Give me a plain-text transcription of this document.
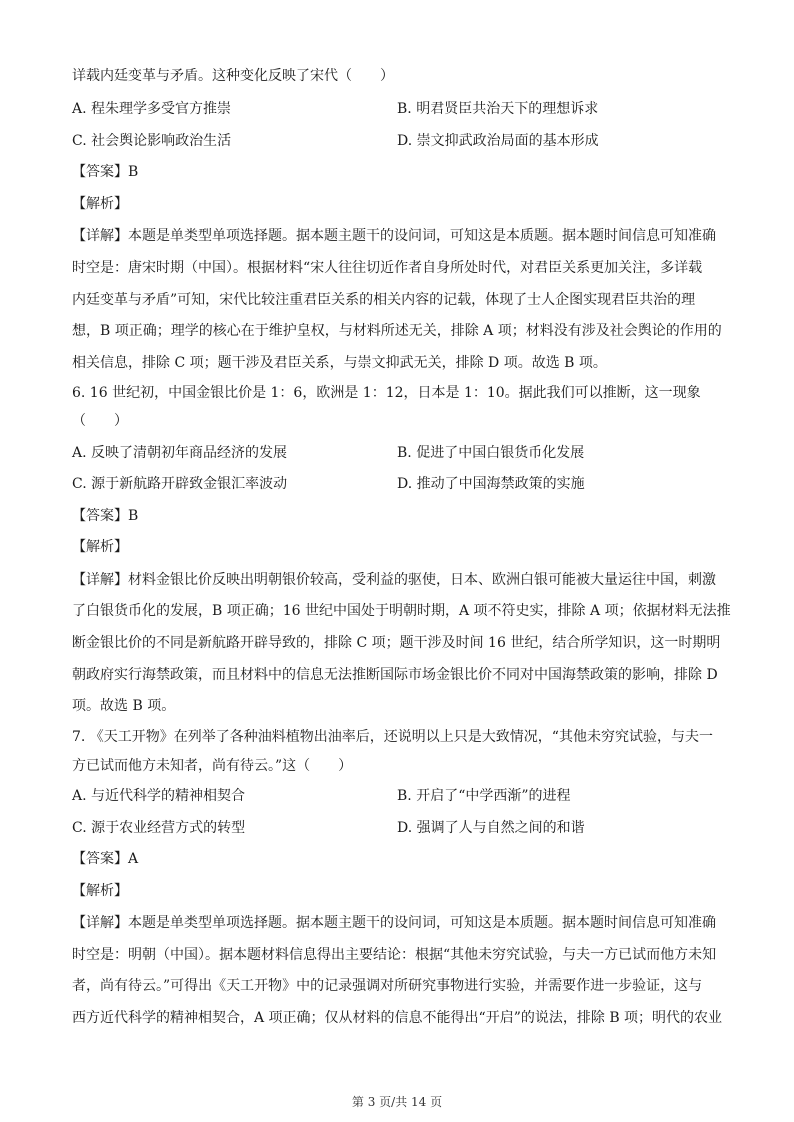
详载内廷变革与矛盾。这种变化反映了宋代（　　）
A. 程朱理学多受官方推崇	B. 明君贤臣共治天下的理想诉求
C. 社会舆论影响政治生活	D. 崇文抑武政治局面的基本形成
【答案】B
【解析】
【详解】本题是单类型单项选择题。据本题主题干的设问词，可知这是本质题。据本题时间信息可知准确
时空是：唐宋时期（中国）。根据材料“宋人往往切近作者自身所处时代，对君臣关系更加关注，多详载
内廷变革与矛盾”可知，宋代比较注重君臣关系的相关内容的记载，体现了士人企图实现君臣共治的理
想，B 项正确；理学的核心在于维护皇权，与材料所述无关，排除 A 项；材料没有涉及社会舆论的作用的
相关信息，排除 C 项；题干涉及君臣关系，与崇文抑武无关，排除 D 项。故选 B 项。
6. 16 世纪初，中国金银比价是 1：6，欧洲是 1：12，日本是 1：10。据此我们可以推断，这一现象
（　　）
A. 反映了清朝初年商品经济的发展	B. 促进了中国白银货币化发展
C. 源于新航路开辟致金银汇率波动	D. 推动了中国海禁政策的实施
【答案】B
【解析】
【详解】材料金银比价反映出明朝银价较高，受利益的驱使，日本、欧洲白银可能被大量运往中国，刺激
了白银货币化的发展，B 项正确；16 世纪中国处于明朝时期，A 项不符史实，排除 A 项；依据材料无法推
断金银比价的不同是新航路开辟导致的，排除 C 项；题干涉及时间 16 世纪，结合所学知识，这一时期明
朝政府实行海禁政策，而且材料中的信息无法推断国际市场金银比价不同对中国海禁政策的影响，排除 D
项。故选 B 项。
7. 《天工开物》在列举了各种油料植物出油率后，还说明以上只是大致情况，“其他未穷究试验，与夫一
方已试而他方未知者，尚有待云。”这（　　）
A. 与近代科学的精神相契合	B. 开启了“中学西渐”的进程
C. 源于农业经营方式的转型	D. 强调了人与自然之间的和谐
【答案】A
【解析】
【详解】本题是单类型单项选择题。据本题主题干的设问词，可知这是本质题。据本题时间信息可知准确
时空是：明朝（中国）。据本题材料信息得出主要结论：根据“其他未穷究试验，与夫一方已试而他方未知
者，尚有待云。”可得出《天工开物》中的记录强调对所研究事物进行实验，并需要作进一步验证，这与
西方近代科学的精神相契合，A 项正确；仅从材料的信息不能得出“开启”的说法，排除 B 项；明代的农业
第 3 页/共 14 页
